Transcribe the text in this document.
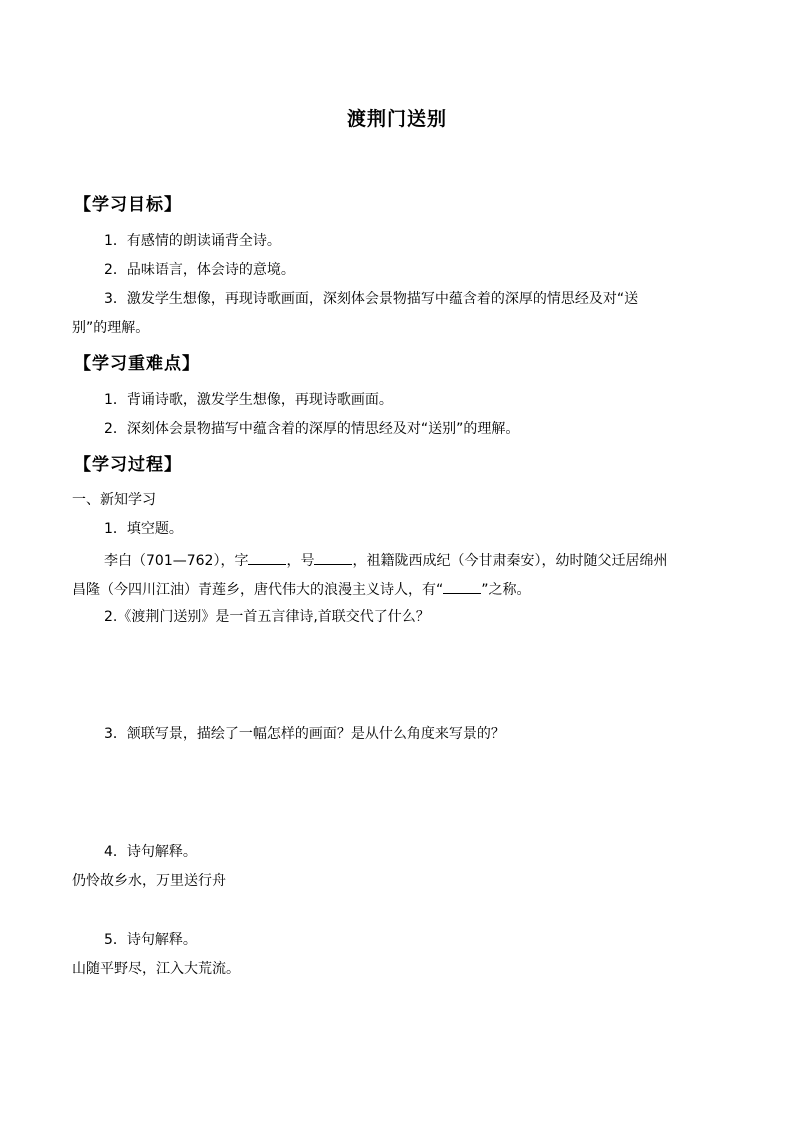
渡荆门送别
【学习目标】
1．有感情的朗读诵背全诗。
2．品味语言，体会诗的意境。
3．激发学生想像，再现诗歌画面，深刻体会景物描写中蕴含着的深厚的情思经及对“送
别”的理解。
【学习重难点】
1．背诵诗歌，激发学生想像，再现诗歌画面。
2．深刻体会景物描写中蕴含着的深厚的情思经及对“送别”的理解。
【学习过程】
一、新知学习
1．填空题。
李白（701—762），字	，号	，祖籍陇西成纪（今甘肃秦安），幼时随父迁居绵州
昌隆（今四川江油）青莲乡，唐代伟大的浪漫主义诗人，有“	”之称。
2.《渡荆门送别》是一首五言律诗,首联交代了什么？
3．颔联写景，描绘了一幅怎样的画面？是从什么角度来写景的？
4．诗句解释。
仍怜故乡水，万里送行舟
5．诗句解释。
山随平野尽，江入大荒流。
